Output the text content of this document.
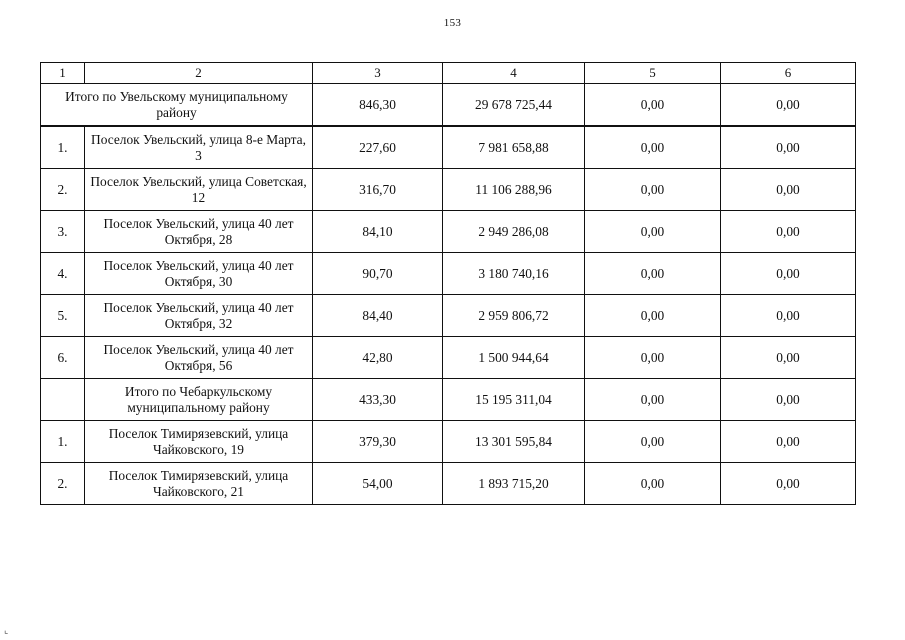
153
1	2	3	4	5	6
Итого по Увельскому муниципальному району		846,30	29 678 725,44	0,00	0,00
1.	Поселок Увельский, улица 8-е Марта, 3	227,60	7 981 658,88	0,00	0,00
2.	Поселок Увельский, улица Советская, 12	316,70	11 106 288,96	0,00	0,00
3.	Поселок Увельский, улица 40 лет Октября, 28	84,10	2 949 286,08	0,00	0,00
4.	Поселок Увельский, улица 40 лет Октября, 30	90,70	3 180 740,16	0,00	0,00
5.	Поселок Увельский, улица 40 лет Октября, 32	84,40	2 959 806,72	0,00	0,00
6.	Поселок Увельский, улица 40 лет Октября, 56	42,80	1 500 944,64	0,00	0,00
	Итого по Чебаркульскому муниципальному району	433,30	15 195 311,04	0,00	0,00
1.	Поселок Тимирязевский, улица Чайковского, 19	379,30	13 301 595,84	0,00	0,00
2.	Поселок Тимирязевский, улица Чайковского, 21	54,00	1 893 715,20	0,00	0,00
⌞
